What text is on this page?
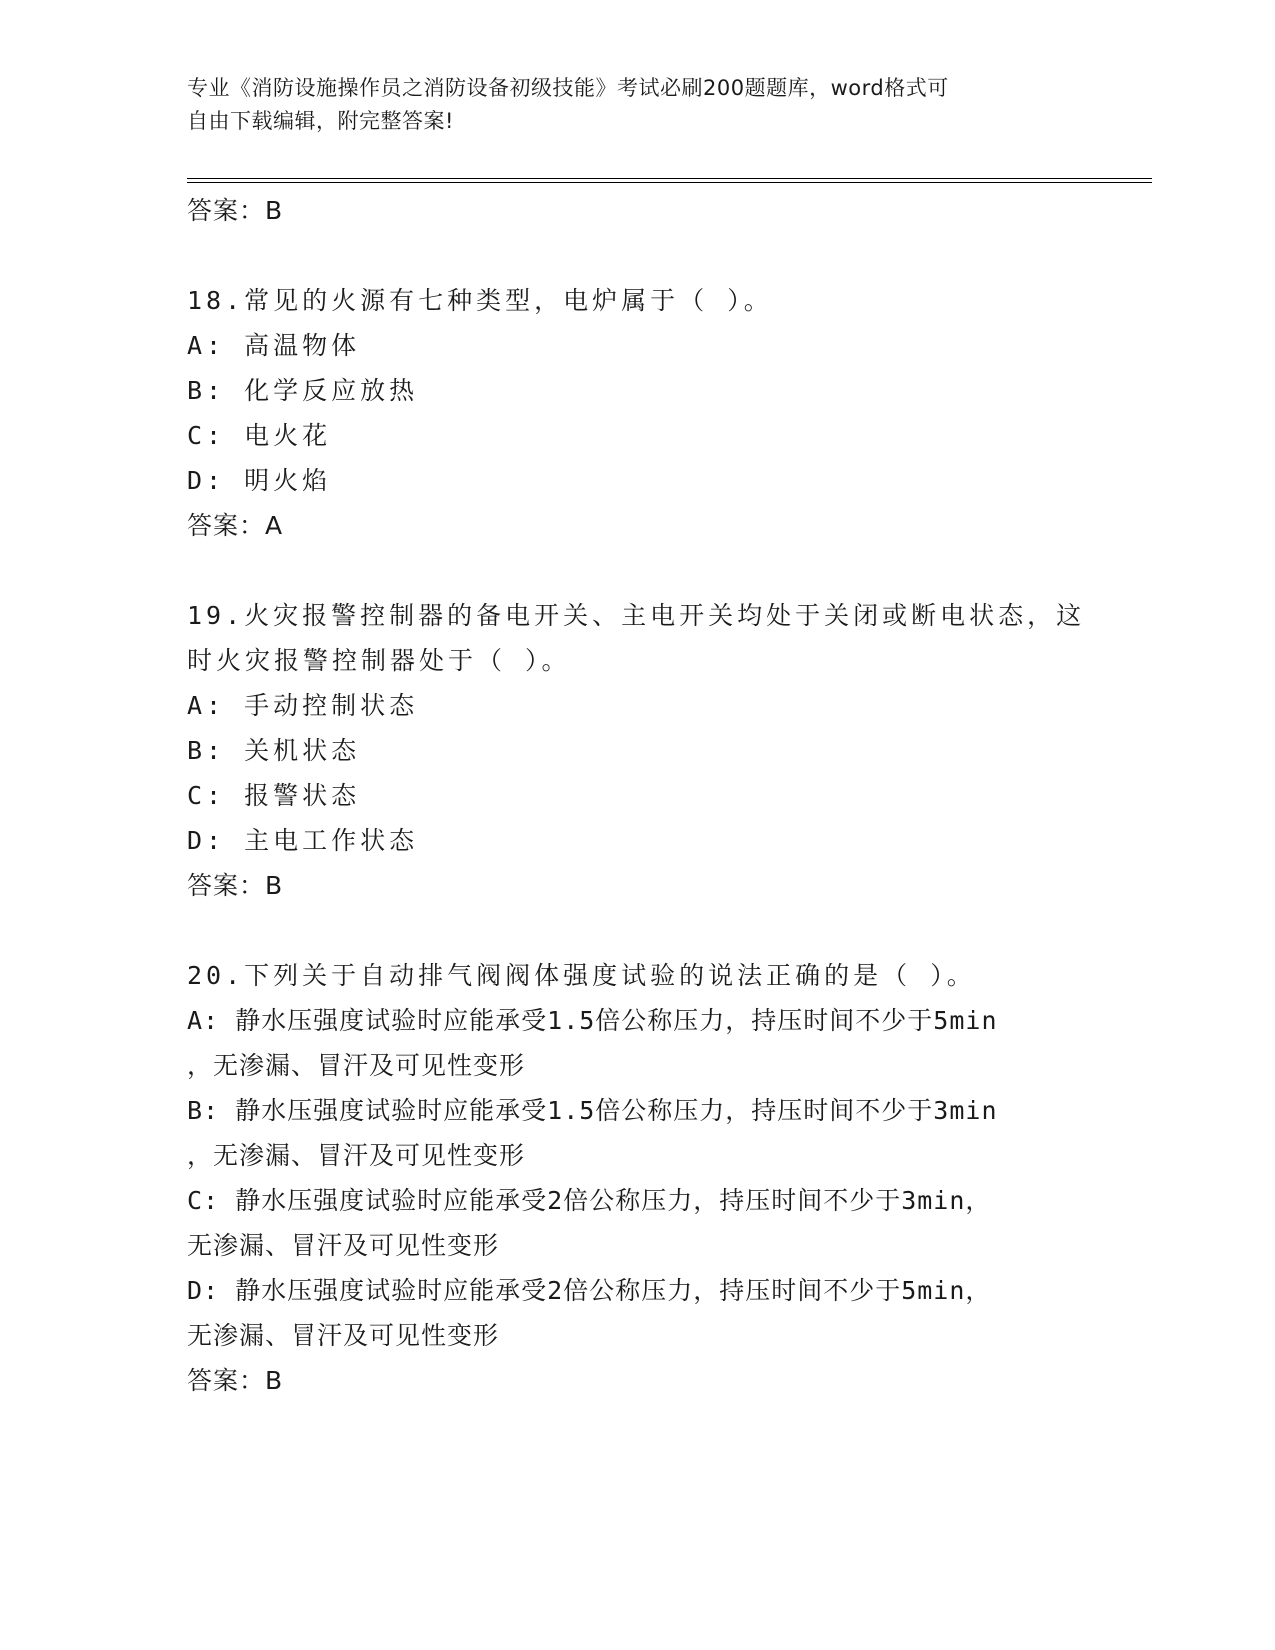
专业《消防设施操作员之消防设备初级技能》考试必刷200题题库，word格式可
自由下载编辑，附完整答案!
答案：B
18.常见的火源有七种类型，电炉属于（ ）。
A: 高温物体
B: 化学反应放热
C: 电火花
D: 明火焰
答案：A
19.火灾报警控制器的备电开关、主电开关均处于关闭或断电状态，这
时火灾报警控制器处于（ ）。
A: 手动控制状态
B: 关机状态
C: 报警状态
D: 主电工作状态
答案：B
20.下列关于自动排气阀阀体强度试验的说法正确的是（ ）。
A: 静水压强度试验时应能承受1.5倍公称压力，持压时间不少于5min
，无渗漏、冒汗及可见性变形
B: 静水压强度试验时应能承受1.5倍公称压力，持压时间不少于3min
，无渗漏、冒汗及可见性变形
C: 静水压强度试验时应能承受2倍公称压力，持压时间不少于3min，
无渗漏、冒汗及可见性变形
D: 静水压强度试验时应能承受2倍公称压力，持压时间不少于5min，
无渗漏、冒汗及可见性变形
答案：B
